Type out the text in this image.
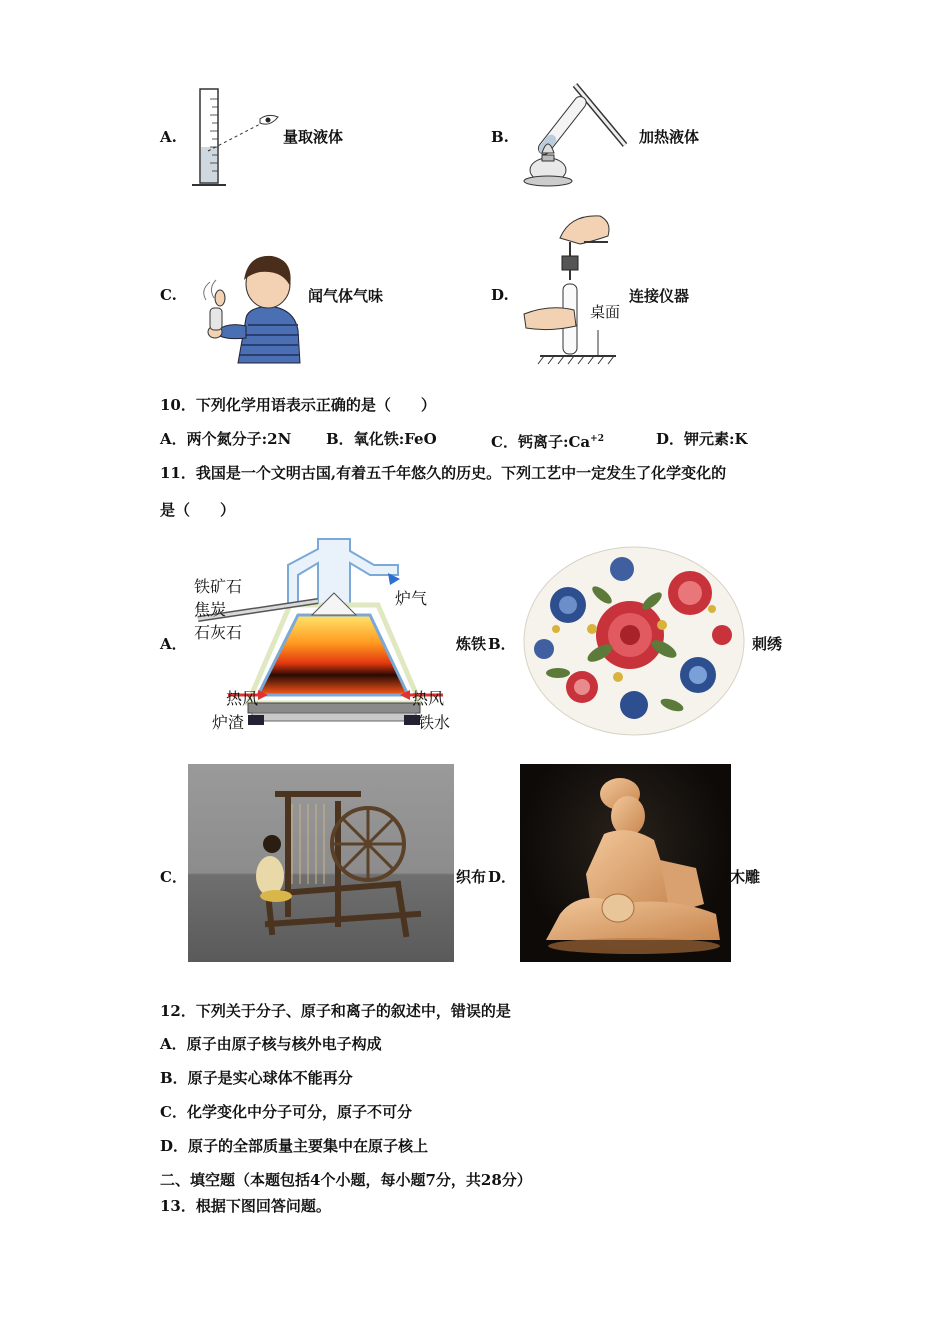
A.	量取液体	B.	加热液体
C.	闻气体气味	D.
桌面
连接仪器
10．下列化学用语表示正确的是（　　）
A．两个氮分子:2N B．氧化铁:FeO	C．钙离子$:Ca^{+2}$	D．钾元素:K
11．我国是一个文明古国,有着五千年悠久的历史。下列工艺中一定发生了化学变化的
是（　　）
A．
铁矿石
焦炭
石灰石
炉气
热风	热风
炉渣	铁水
炼铁 B．	刺绣
C．	织布 D．	木雕
12．下列关于分子、原子和离子的叙述中，错误的是
A．原子由原子核与核外电子构成
B．原子是实心球体不能再分
C．化学变化中分子可分，原子不可分
D．原子的全部质量主要集中在原子核上
二、填空题（本题包括4个小题，每小题7分，共28分）
13．根据下图回答问题。
